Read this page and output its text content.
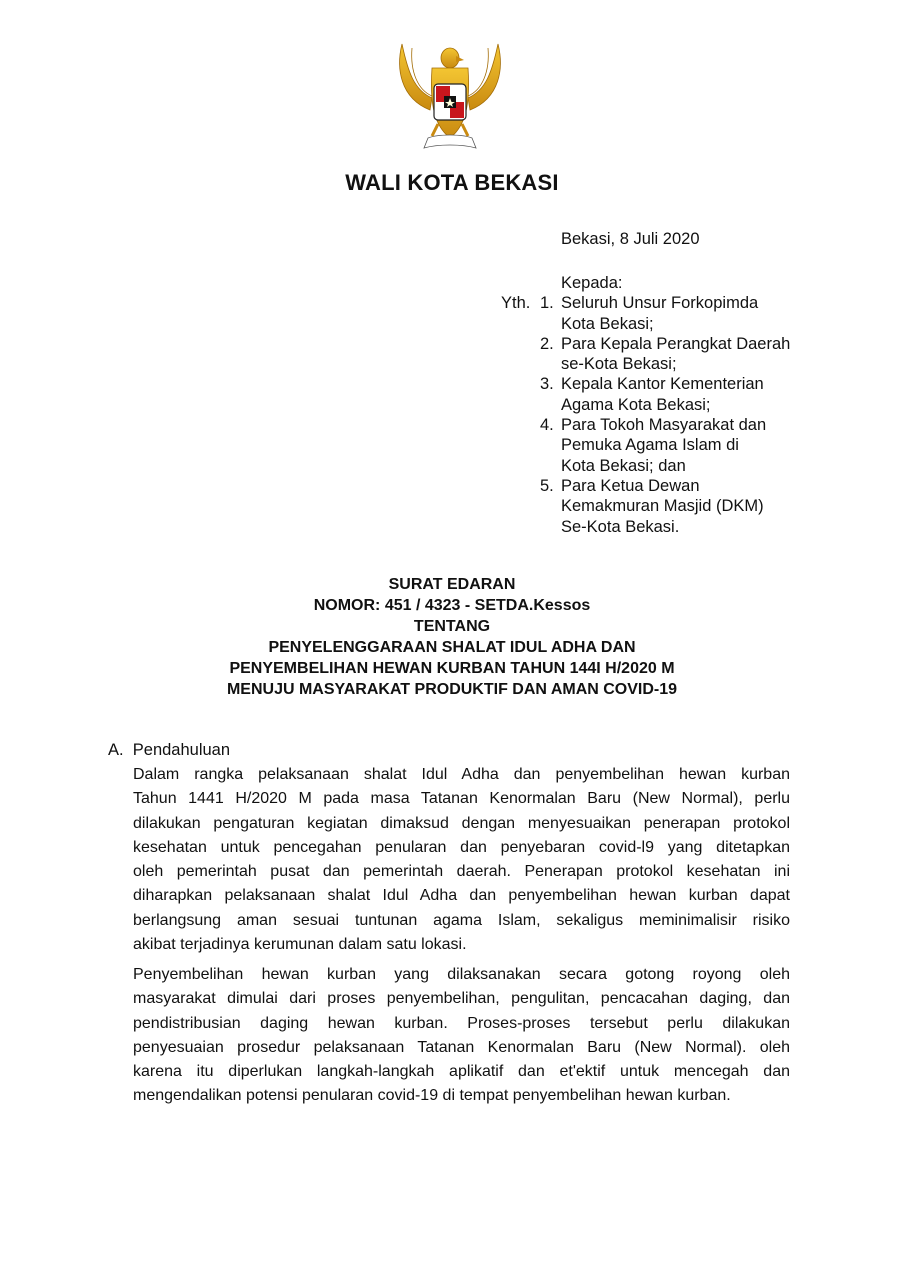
WALI KOTA BEKASI
Bekasi, 8 Juli 2020
Kepada:
Yth. 1. Seluruh Unsur Forkopimda
Kota Bekasi;
2. Para Kepala Perangkat Daerah
se-Kota Bekasi;
3. Kepala Kantor Kementerian
Agama Kota Bekasi;
4. Para Tokoh Masyarakat dan
Pemuka Agama Islam di
Kota Bekasi; dan
5. Para Ketua Dewan
Kemakmuran Masjid (DKM)
Se-Kota Bekasi.
SURAT EDARAN
NOMOR: 451 / 4323 - SETDA.Kessos
TENTANG
PENYELENGGARAAN SHALAT IDUL ADHA DAN
PENYEMBELIHAN HEWAN KURBAN TAHUN 144I H/2020 M
MENUJU MASYARAKAT PRODUKTIF DAN AMAN COVID-19
A.  Pendahuluan
Dalam rangka pelaksanaan shalat Idul Adha dan penyembelihan hewan kurban
Tahun 1441 H/2020 M pada masa Tatanan Kenormalan Baru (New Normal), perlu
dilakukan pengaturan kegiatan dimaksud dengan menyesuaikan penerapan protokol
kesehatan untuk pencegahan penularan dan penyebaran covid-l9 yang ditetapkan
oleh pemerintah pusat dan pemerintah daerah. Penerapan protokol kesehatan ini
diharapkan pelaksanaan shalat Idul Adha dan penyembelihan hewan kurban dapat
berlangsung aman sesuai tuntunan agama Islam, sekaligus meminimalisir risiko
akibat terjadinya kerumunan dalam satu lokasi.
Penyembelihan hewan kurban yang dilaksanakan secara gotong royong oleh
masyarakat dimulai dari proses penyembelihan, pengulitan, pencacahan daging, dan
pendistribusian daging hewan kurban. Proses-proses tersebut perlu dilakukan
penyesuaian prosedur pelaksanaan Tatanan Kenormalan Baru (New Normal). oleh
karena itu diperlukan langkah-langkah aplikatif dan et'ektif untuk mencegah dan
mengendalikan potensi penularan covid-19 di tempat penyembelihan hewan kurban.
